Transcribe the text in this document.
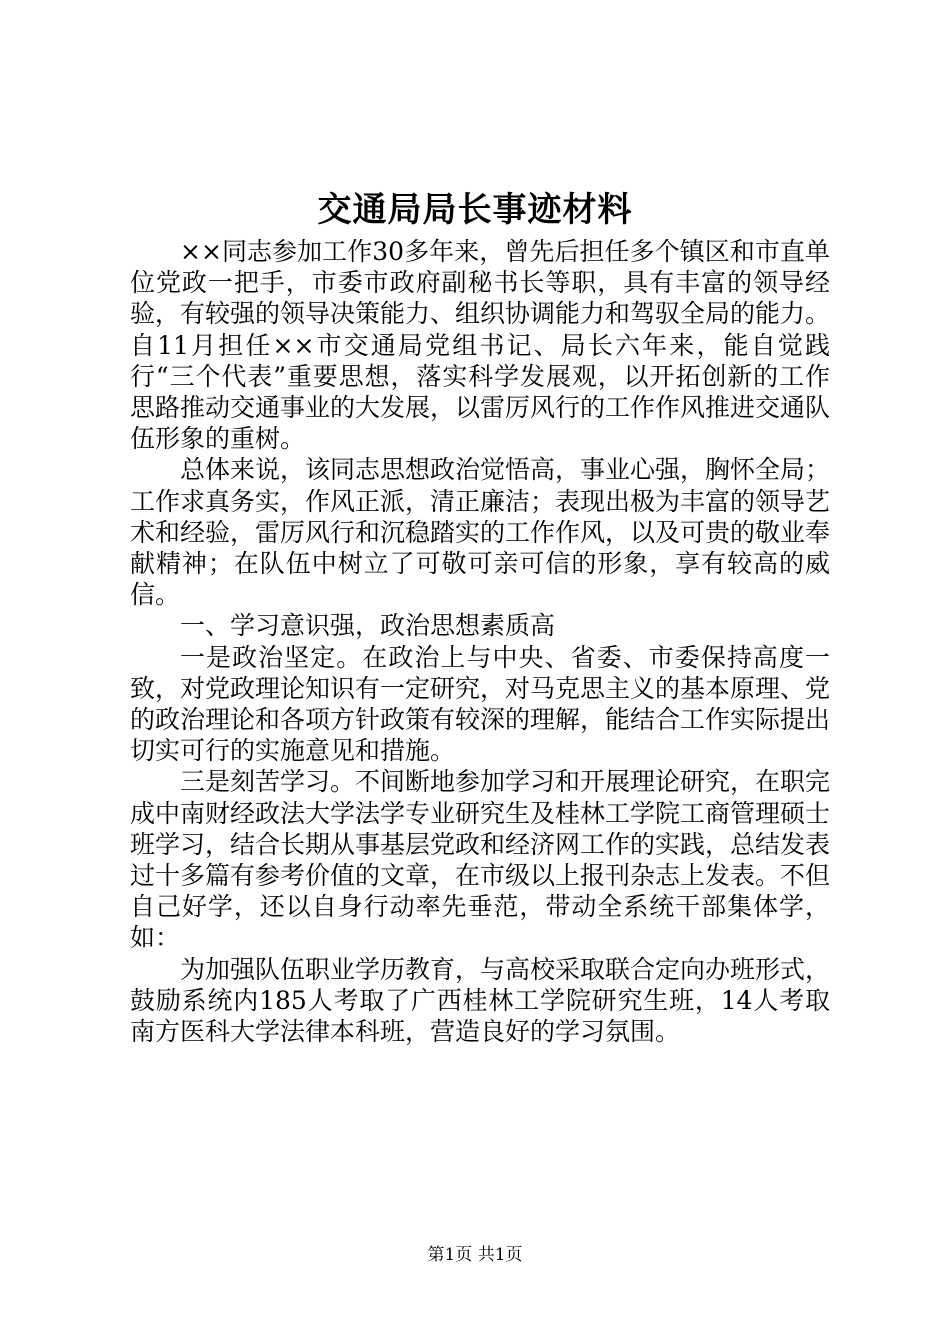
交通局局长事迹材料

××同志参加工作30多年来，曾先后担任多个镇区和市直单位党政一把手，市委市政府副秘书长等职，具有丰富的领导经验，有较强的领导决策能力、组织协调能力和驾驭全局的能力。自11月担任××市交通局党组书记、局长六年来，能自觉践行“三个代表”重要思想，落实科学发展观，以开拓创新的工作思路推动交通事业的大发展，以雷厉风行的工作作风推进交通队伍形象的重树。

总体来说，该同志思想政治觉悟高，事业心强，胸怀全局；工作求真务实，作风正派，清正廉洁；表现出极为丰富的领导艺术和经验，雷厉风行和沉稳踏实的工作作风，以及可贵的敬业奉献精神；在队伍中树立了可敬可亲可信的形象，享有较高的威信。

一、学习意识强，政治思想素质高

一是政治坚定。在政治上与中央、省委、市委保持高度一致，对党政理论知识有一定研究，对马克思主义的基本原理、党的政治理论和各项方针政策有较深的理解，能结合工作实际提出切实可行的实施意见和措施。

三是刻苦学习。不间断地参加学习和开展理论研究，在职完成中南财经政法大学法学专业研究生及桂林工学院工商管理硕士班学习，结合长期从事基层党政和经济网工作的实践，总结发表过十多篇有参考价值的文章，在市级以上报刊杂志上发表。不但自己好学，还以自身行动率先垂范，带动全系统干部集体学，如：

为加强队伍职业学历教育，与高校采取联合定向办班形式，鼓励系统内185人考取了广西桂林工学院研究生班，14人考取南方医科大学法律本科班，营造良好的学习氛围。

第1页 共1页
